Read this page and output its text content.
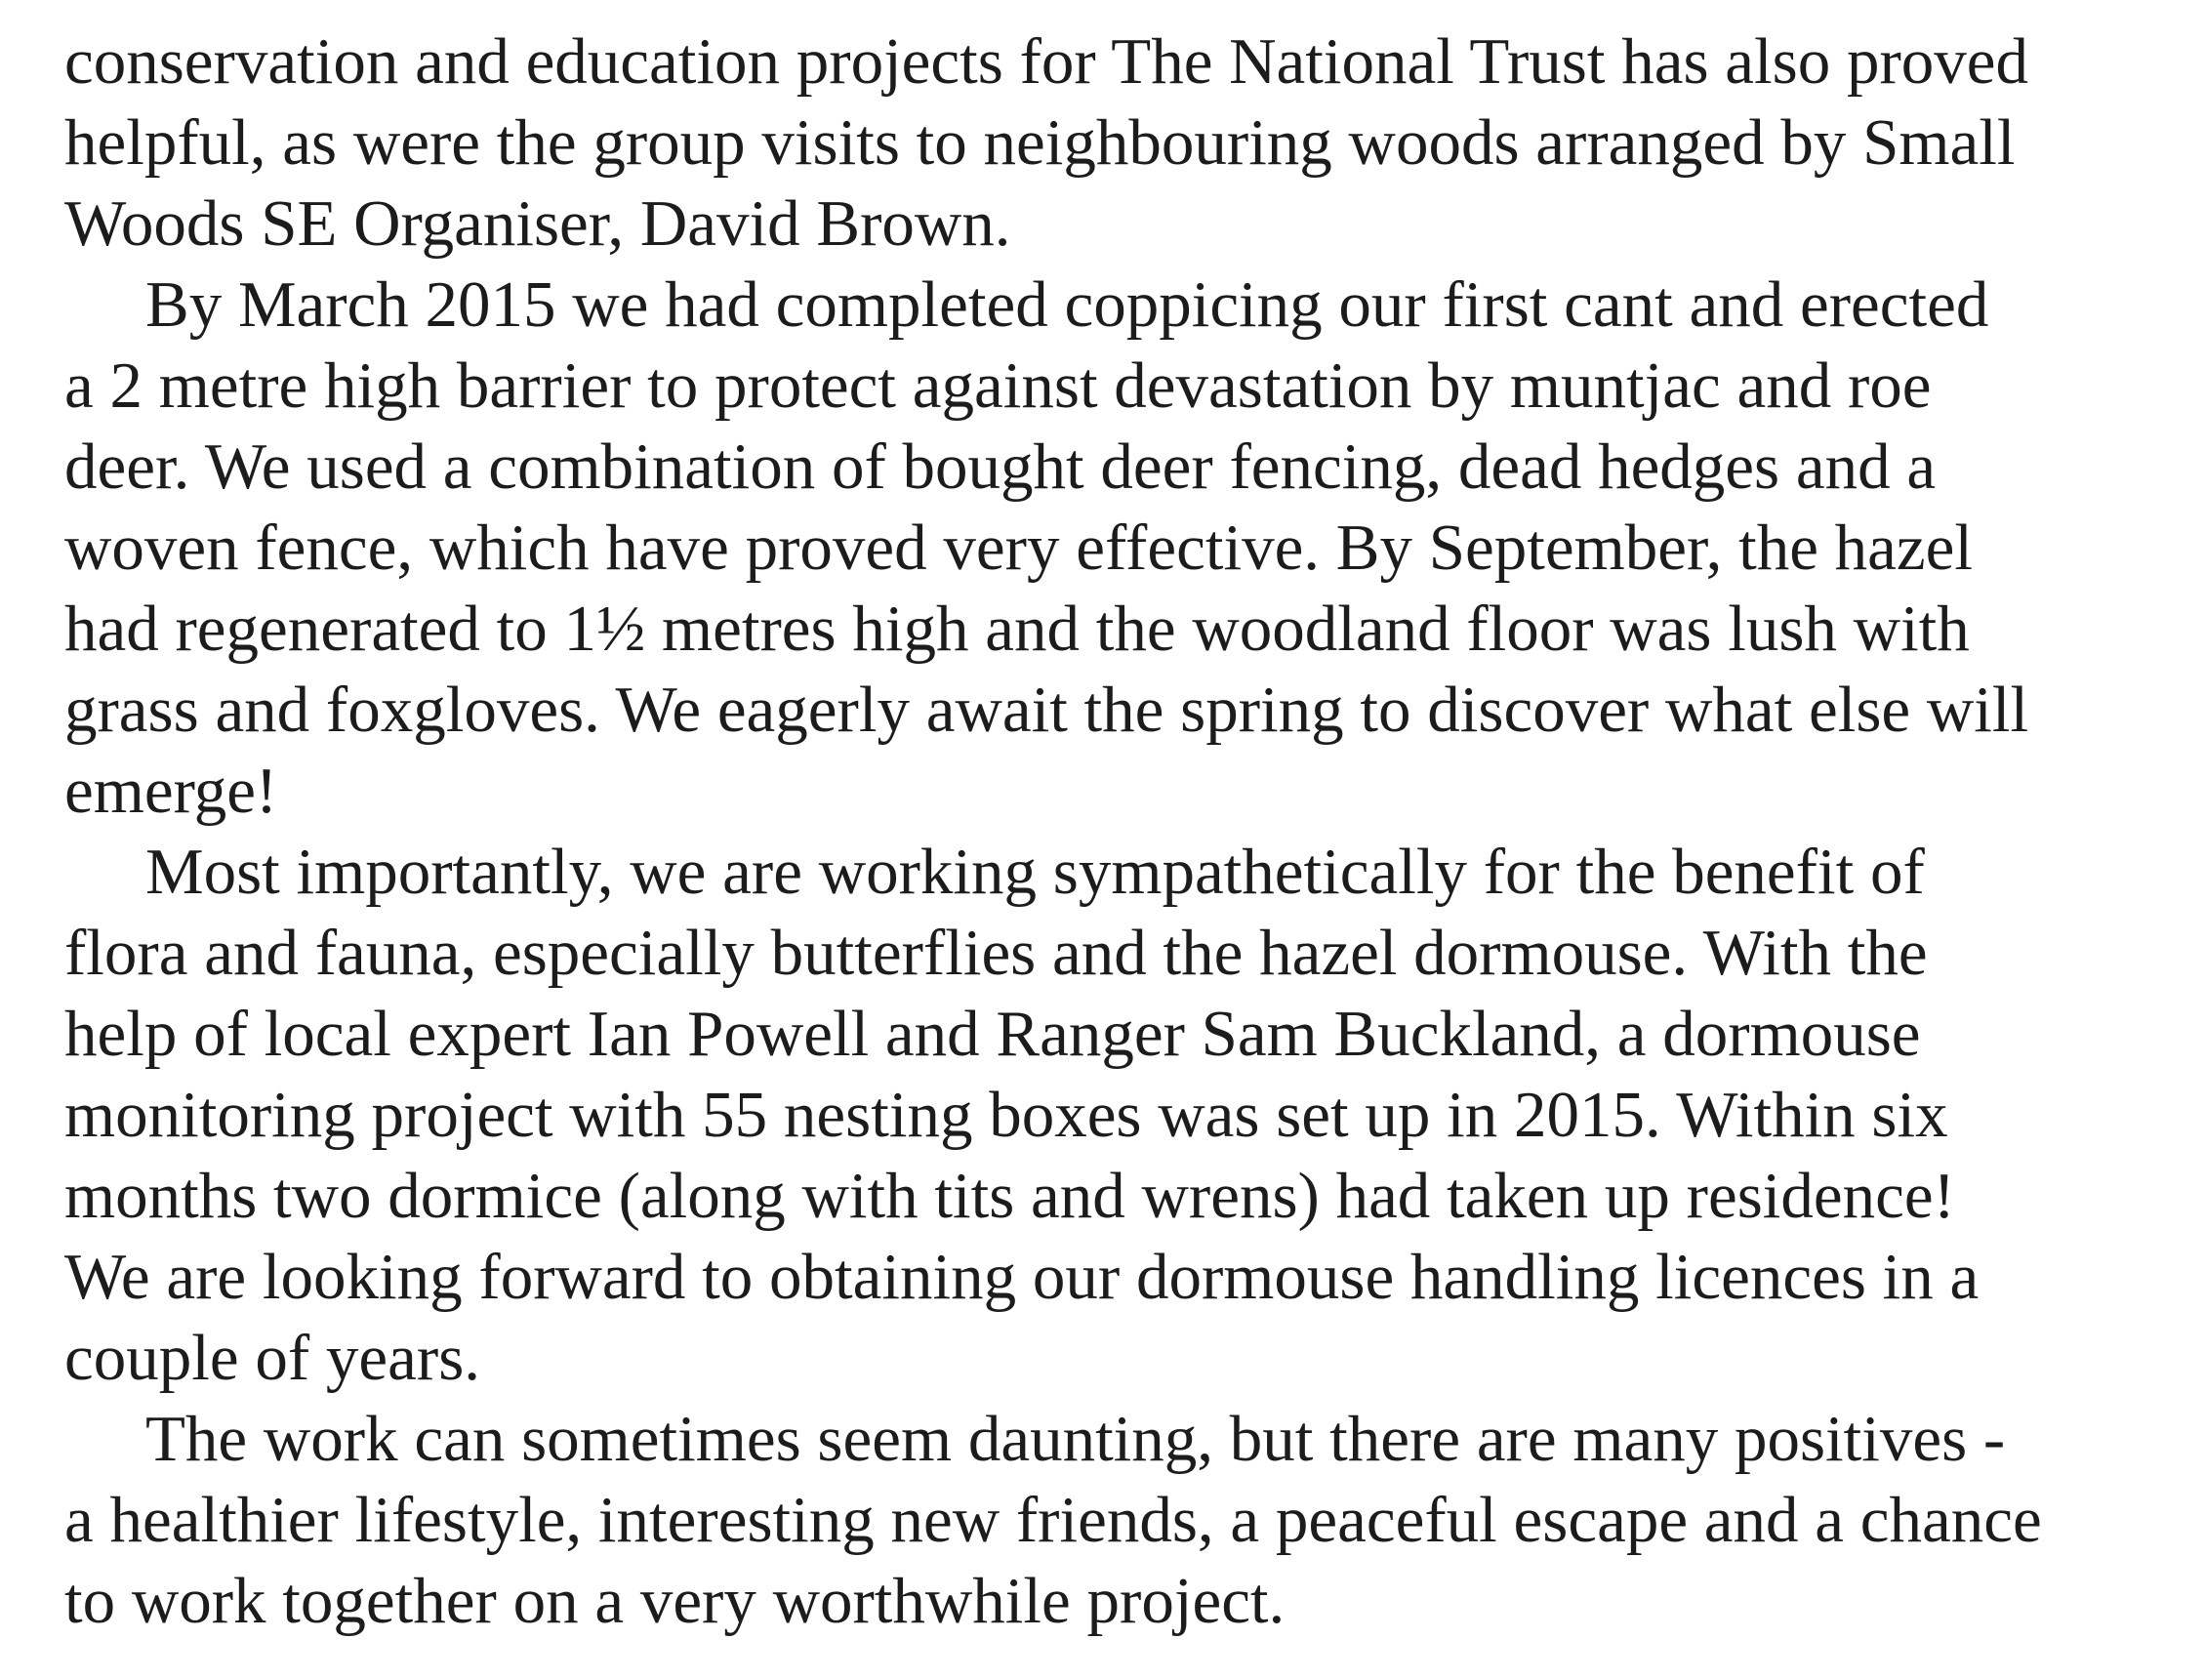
conservation and education projects for The National Trust has also proved
helpful, as were the group visits to neighbouring woods arranged by Small
Woods SE Organiser, David Brown.
By March 2015 we had completed coppicing our first cant and erected
a 2 metre high barrier to protect against devastation by muntjac and roe
deer. We used a combination of bought deer fencing, dead hedges and a
woven fence, which have proved very effective. By September, the hazel
had regenerated to 1½ metres high and the woodland floor was lush with
grass and foxgloves. We eagerly await the spring to discover what else will
emerge!
Most importantly, we are working sympathetically for the benefit of
flora and fauna, especially butterflies and the hazel dormouse. With the
help of local expert Ian Powell and Ranger Sam Buckland, a dormouse
monitoring project with 55 nesting boxes was set up in 2015. Within six
months two dormice (along with tits and wrens) had taken up residence!
We are looking forward to obtaining our dormouse handling licences in a
couple of years.
The work can sometimes seem daunting, but there are many positives -
a healthier lifestyle, interesting new friends, a peaceful escape and a chance
to work together on a very worthwhile project.
